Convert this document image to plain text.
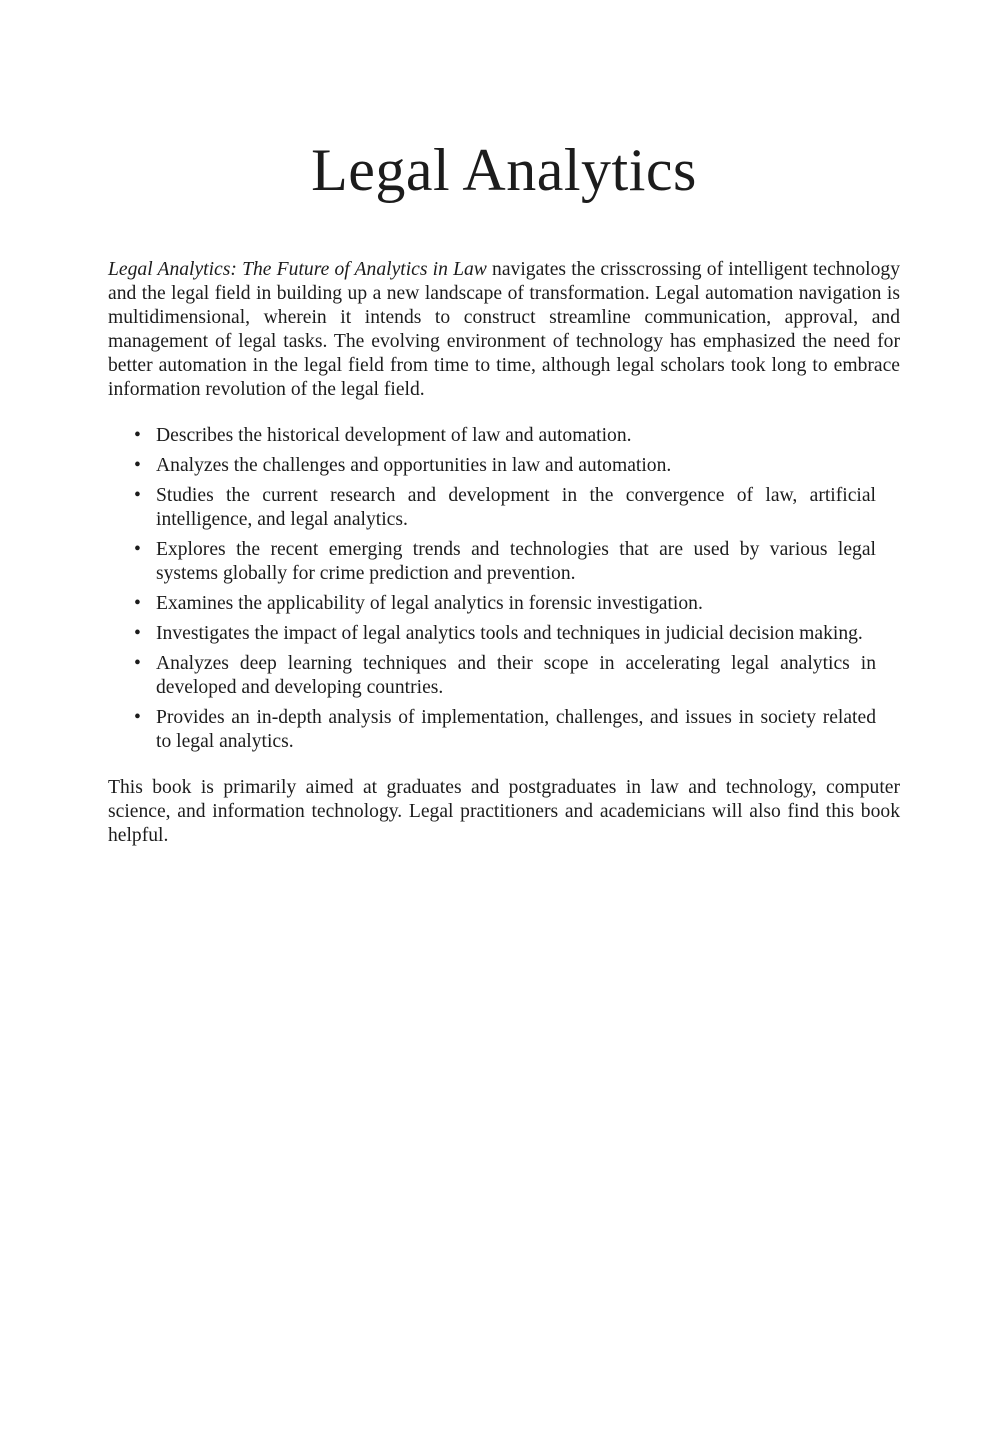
Legal Analytics

Legal Analytics: The Future of Analytics in Law navigates the crisscrossing of intelligent technology and the legal field in building up a new landscape of transformation. Legal automation navigation is multidimensional, wherein it intends to construct streamline communication, approval, and management of legal tasks. The evolving environment of technology has emphasized the need for better automation in the legal field from time to time, although legal scholars took long to embrace information revolution of the legal field.

• Describes the historical development of law and automation.
• Analyzes the challenges and opportunities in law and automation.
• Studies the current research and development in the convergence of law, artificial intelligence, and legal analytics.
• Explores the recent emerging trends and technologies that are used by various legal systems globally for crime prediction and prevention.
• Examines the applicability of legal analytics in forensic investigation.
• Investigates the impact of legal analytics tools and techniques in judicial decision making.
• Analyzes deep learning techniques and their scope in accelerating legal analytics in developed and developing countries.
• Provides an in-depth analysis of implementation, challenges, and issues in society related to legal analytics.

This book is primarily aimed at graduates and postgraduates in law and technology, computer science, and information technology. Legal practitioners and academicians will also find this book helpful.
